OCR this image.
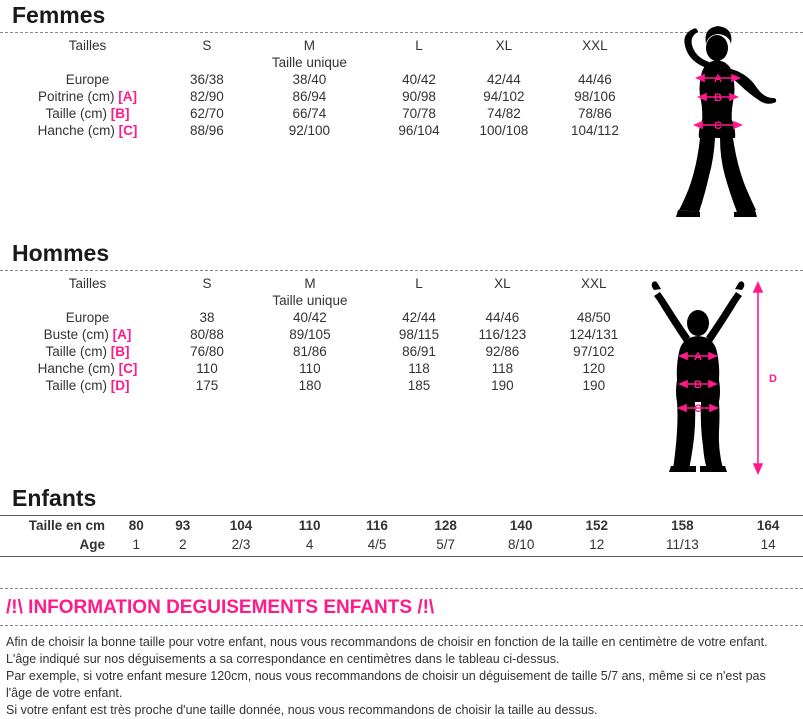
Femmes
Tailles	S	M	L	XL	XXL
		Taille unique			
Europe	36/38	38/40	40/42	42/44	44/46
Poitrine (cm) [A]	82/90	86/94	90/98	94/102	98/106
Taille (cm) [B]	62/70	66/74	70/78	74/82	78/86
Hanche (cm) [C]	88/96	92/100	96/104	100/108	104/112
A
B
C
Hommes
Tailles	S	M	L	XL	XXL
		Taille unique			
Europe	38	40/42	42/44	44/46	48/50
Buste (cm) [A]	80/88	89/105	98/115	116/123	124/131
Taille (cm) [B]	76/80	81/86	86/91	92/86	97/102
Hanche (cm) [C]	110	110	118	118	120
Taille (cm) [D]	175	180	185	190	190
A
B
C
D
Enfants
Taille en cm	80	93	104	110	116	128	140	152	158	164
Age	1	2	2/3	4	4/5	5/7	8/10	12	11/13	14
/!\ INFORMATION DEGUISEMENTS ENFANTS /!\

Afin de choisir la bonne taille pour votre enfant, nous vous recommandons de choisir en fonction de la taille en centimètre de votre enfant.

L'âge indiqué sur nos déguisements a sa correspondance en centimètres dans le tableau ci-dessus.

Par exemple, si votre enfant mesure 120cm, nous vous recommandons de choisir un déguisement de taille 5/7 ans, même si ce n'est pas l'âge de votre enfant.

Si votre enfant est très proche d'une taille donnée, nous vous recommandons de choisir la taille au dessus.
